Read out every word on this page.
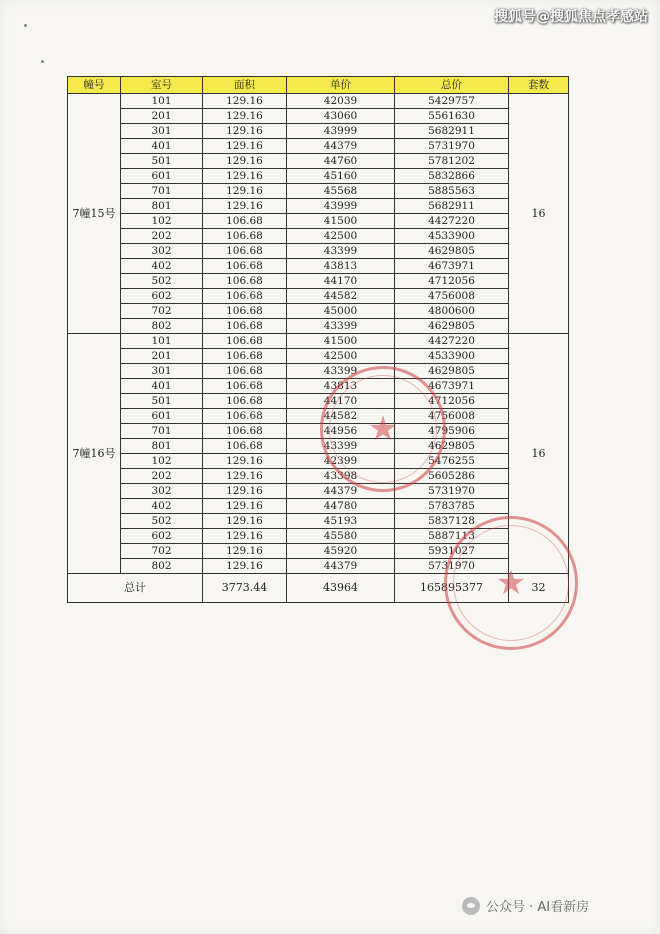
搜狐号@搜狐焦点孝感站
幢号	室号	面积	单价	总价	套数
7幢15号	101	129.16	42039	5429757	16
	201	129.16	43060	5561630	
	301	129.16	43999	5682911	
	401	129.16	44379	5731970	
	501	129.16	44760	5781202	
	601	129.16	45160	5832866	
	701	129.16	45568	5885563	
	801	129.16	43999	5682911	
	102	106.68	41500	4427220	
	202	106.68	42500	4533900	
	302	106.68	43399	4629805	
	402	106.68	43813	4673971	
	502	106.68	44170	4712056	
	602	106.68	44582	4756008	
	702	106.68	45000	4800600	
	802	106.68	43399	4629805	
7幢16号	101	106.68	41500	4427220	16
	201	106.68	42500	4533900	
	301	106.68	43399	4629805	
	401	106.68	43813	4673971	
	501	106.68	44170	4712056	
	601	106.68	44582	4756008	
	701	106.68	44956	4795906	
	801	106.68	43399	4629805	
	102	129.16	42399	5476255	
	202	129.16	43398	5605286	
	302	129.16	44379	5731970	
	402	129.16	44780	5783785	
	502	129.16	45193	5837128	
	602	129.16	45580	5887113	
	702	129.16	45920	5931027	
	802	129.16	44379	5731970	
总计		3773.44	43964	165895377	32
★
★
公众号 · AI看新房
